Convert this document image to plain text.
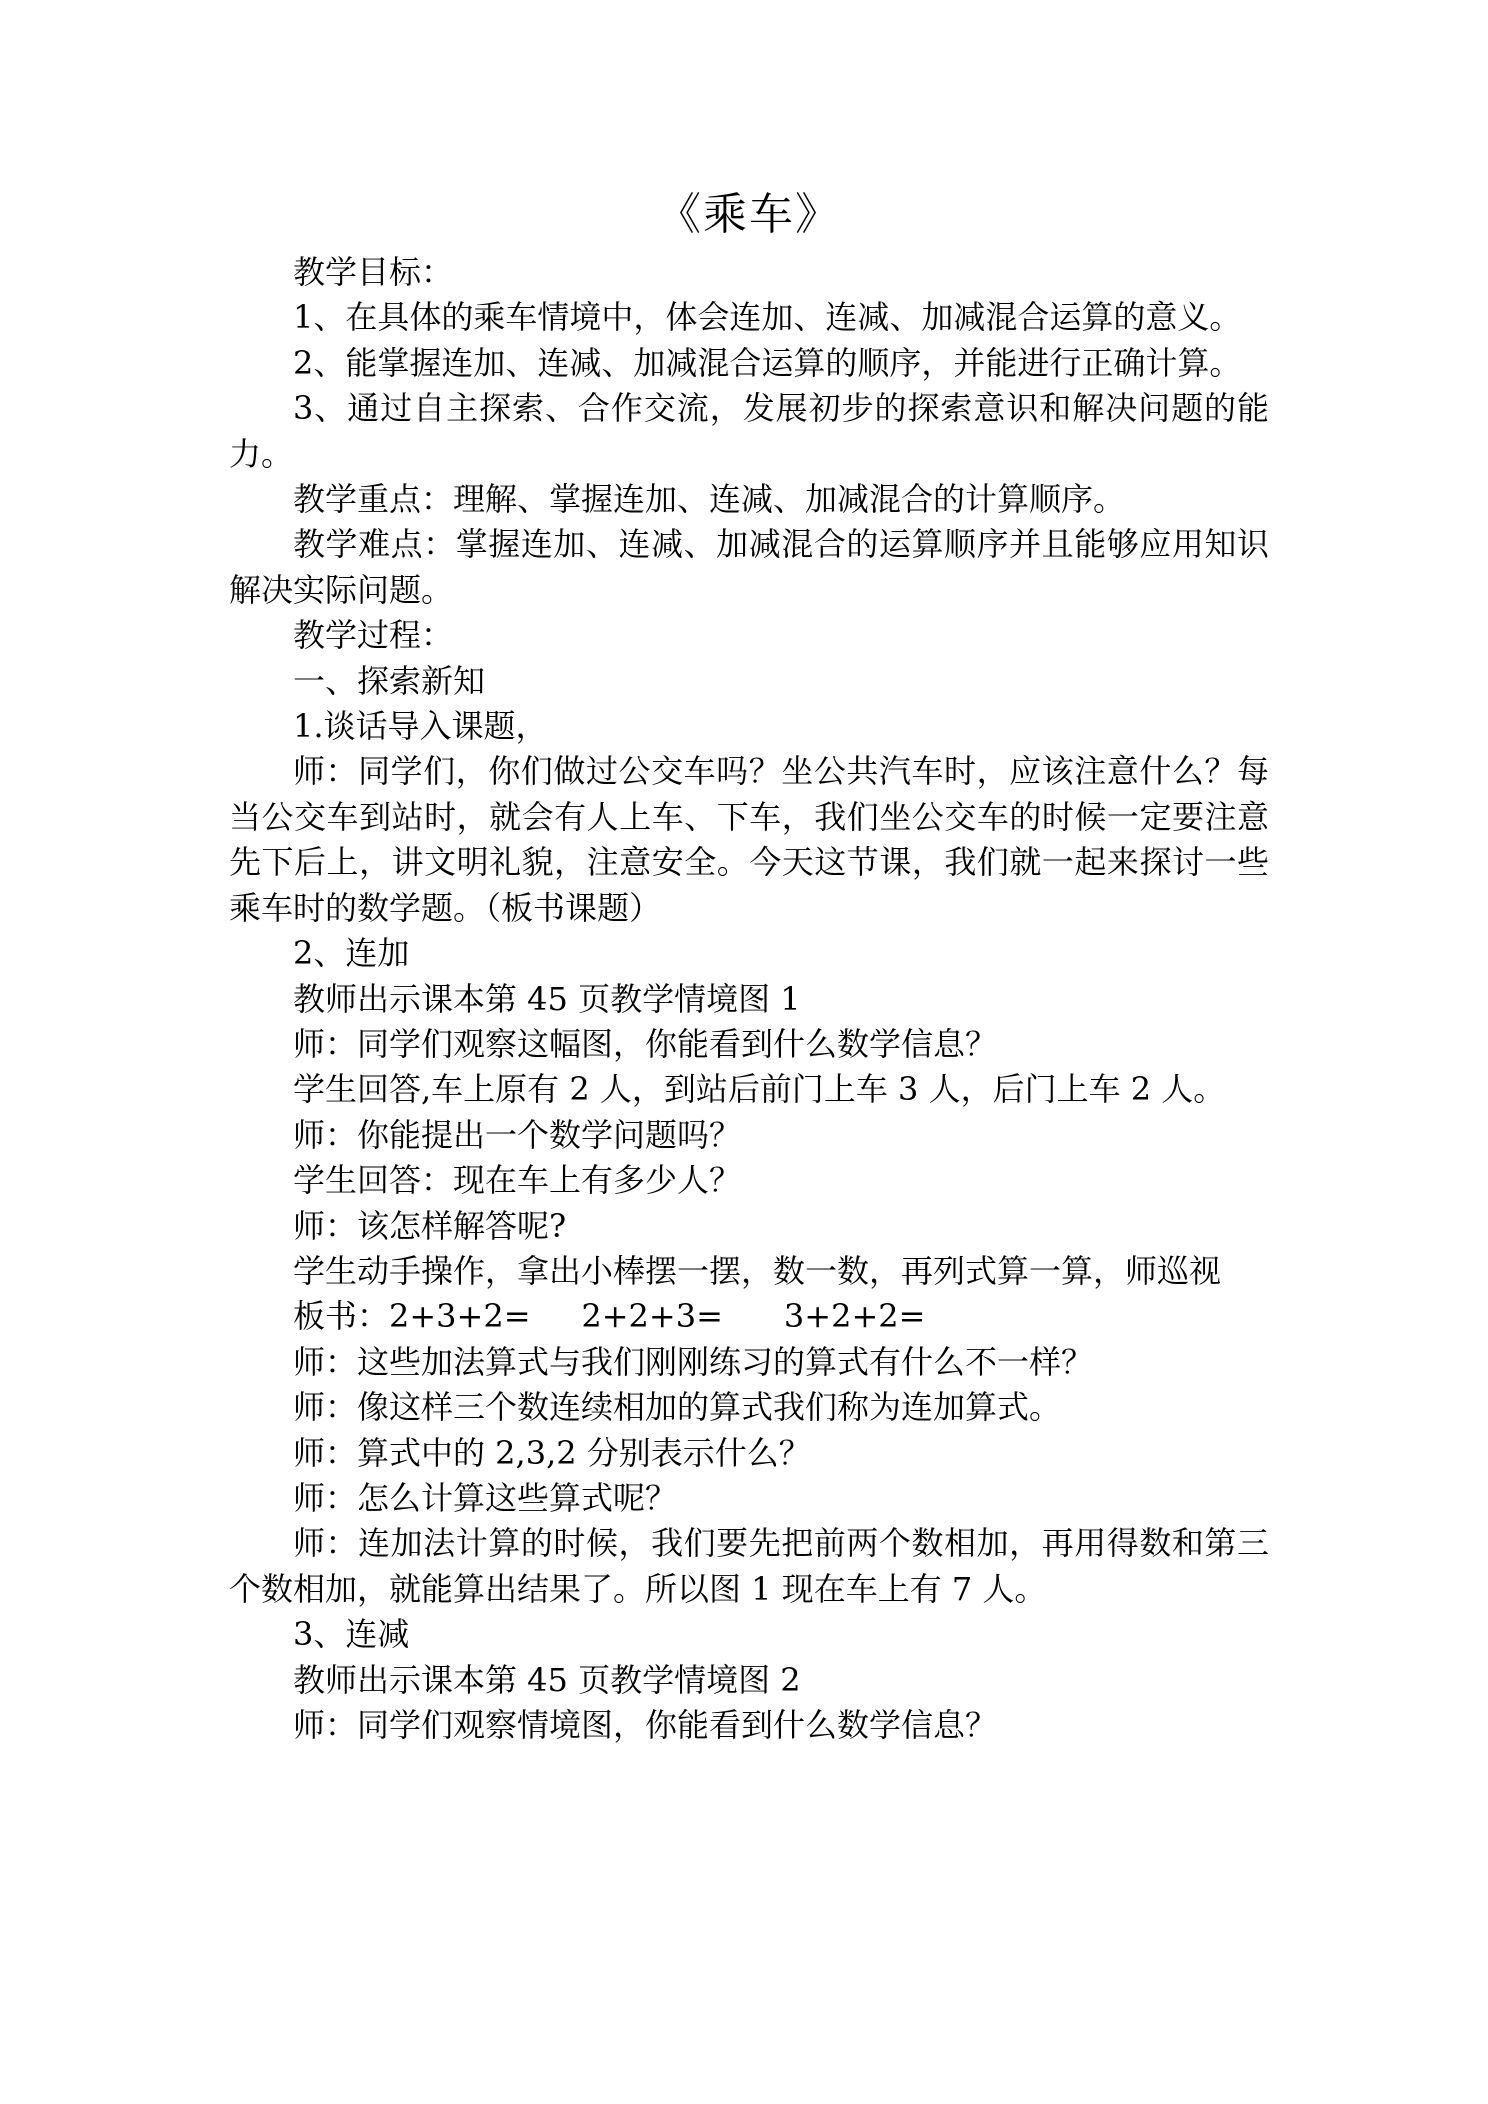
《乘车》

教学目标：

1、在具体的乘车情境中，体会连加、连减、加减混合运算的意义。

2、能掌握连加、连减、加减混合运算的顺序，并能进行正确计算。

3、通过自主探索、合作交流，发展初步的探索意识和解决问题的能力。

教学重点：理解、掌握连加、连减、加减混合的计算顺序。

教学难点：掌握连加、连减、加减混合的运算顺序并且能够应用知识解决实际问题。

教学过程：

一、探索新知

1.谈话导入课题，

师：同学们，你们做过公交车吗？坐公共汽车时，应该注意什么？每当公交车到站时，就会有人上车、下车，我们坐公交车的时候一定要注意先下后上，讲文明礼貌，注意安全。今天这节课，我们就一起来探讨一些乘车时的数学题。（板书课题）

2、连加

教师出示课本第 45 页教学情境图 1

师：同学们观察这幅图，你能看到什么数学信息？

学生回答,车上原有 2 人，到站后前门上车 3 人，后门上车 2 人。

师：你能提出一个数学问题吗？

学生回答：现在车上有多少人？

师：该怎样解答呢?

学生动手操作，拿出小棒摆一摆，数一数，再列式算一算，师巡视

板书：2+3+2=     2+2+3=      3+2+2=

师：这些加法算式与我们刚刚练习的算式有什么不一样？

师：像这样三个数连续相加的算式我们称为连加算式。

师：算式中的 2,3,2 分别表示什么？

师：怎么计算这些算式呢？

师：连加法计算的时候，我们要先把前两个数相加，再用得数和第三个数相加，就能算出结果了。所以图 1 现在车上有 7 人。

3、连减

教师出示课本第 45 页教学情境图 2

师：同学们观察情境图，你能看到什么数学信息？
